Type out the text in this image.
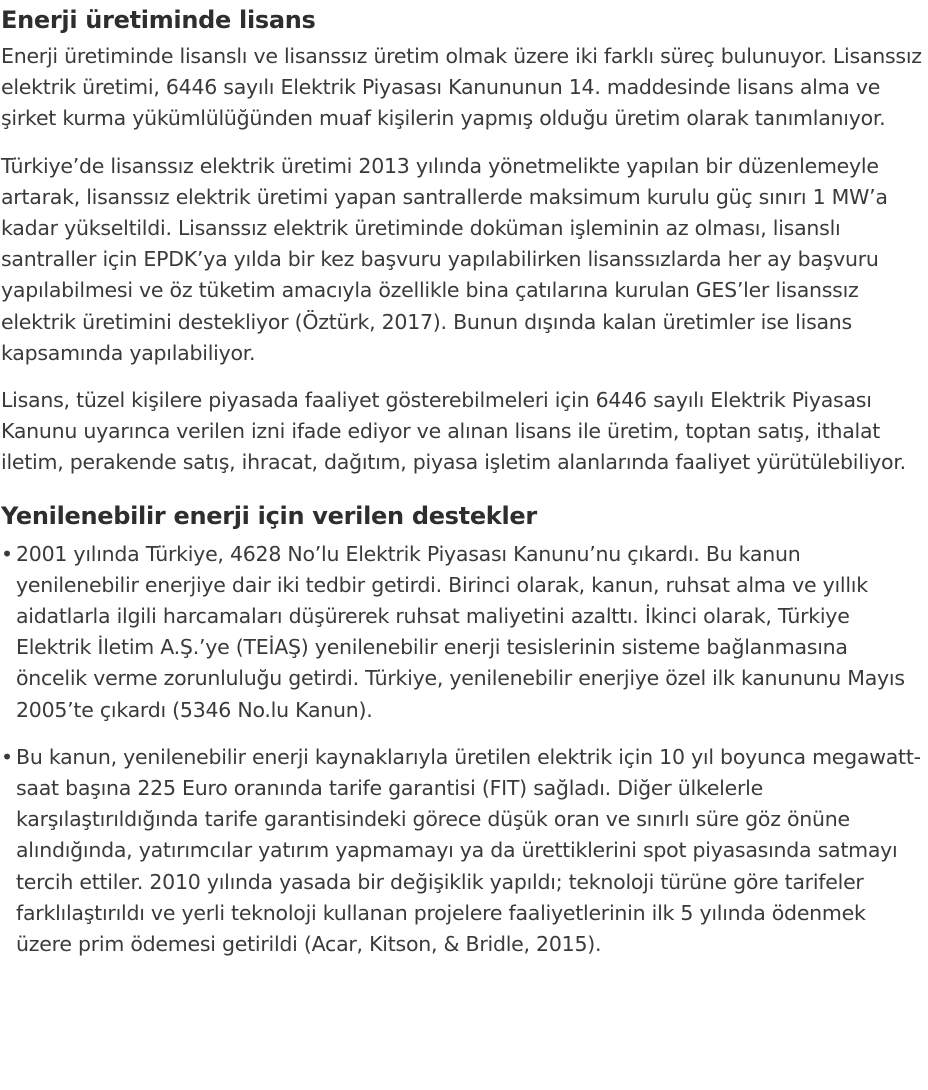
Enerji üretiminde lisans

Enerji üretiminde lisanslı ve lisanssız üretim olmak üzere iki farklı süreç bulunuyor. Lisanssız elektrik üretimi, 6446 sayılı Elektrik Piyasası Kanununun 14. maddesinde lisans alma ve şirket kurma yükümlülüğünden muaf kişilerin yapmış olduğu üretim olarak tanımlanıyor.

Türkiye’de lisanssız elektrik üretimi 2013 yılında yönetmelikte yapılan bir düzenlemeyle artarak, lisanssız elektrik üretimi yapan santrallerde maksimum kurulu güç sınırı 1 MW’a kadar yükseltildi. Lisanssız elektrik üretiminde doküman işleminin az olması, lisanslı santraller için EPDK’ya yılda bir kez başvuru yapılabilirken lisanssızlarda her ay başvuru yapılabilmesi ve öz tüketim amacıyla özellikle bina çatılarına kurulan GES’ler lisanssız elektrik üretimini destekliyor (Öztürk, 2017). Bunun dışında kalan üretimler ise lisans kapsamında yapılabiliyor.

Lisans, tüzel kişilere piyasada faaliyet gösterebilmeleri için 6446 sayılı Elektrik Piyasası Kanunu uyarınca verilen izni ifade ediyor ve alınan lisans ile üretim, toptan satış, ithalat iletim, perakende satış, ihracat, dağıtım, piyasa işletim alanlarında faaliyet yürütülebiliyor.

Yenilenebilir enerji için verilen destekler
• 2001 yılında Türkiye, 4628 No’lu Elektrik Piyasası Kanunu’nu çıkardı. Bu kanun yenilenebilir enerjiye dair iki tedbir getirdi. Birinci olarak, kanun, ruhsat alma ve yıllık aidatlarla ilgili harcamaları düşürerek ruhsat maliyetini azalttı. İkinci olarak, Türkiye Elektrik İletim A.Ş.’ye (TEİAŞ) yenilenebilir enerji tesislerinin sisteme bağlanmasına öncelik verme zorunluluğu getirdi. Türkiye, yenilenebilir enerjiye özel ilk kanununu Mayıs 2005’te çıkardı (5346 No.lu Kanun).
• Bu kanun, yenilenebilir enerji kaynaklarıyla üretilen elektrik için 10 yıl boyunca megawatt-saat başına 225 Euro oranında tarife garantisi (FIT) sağladı. Diğer ülkelerle karşılaştırıldığında tarife garantisindeki görece düşük oran ve sınırlı süre göz önüne alındığında, yatırımcılar yatırım yapmamayı ya da ürettiklerini spot piyasasında satmayı tercih ettiler. 2010 yılında yasada bir değişiklik yapıldı; teknoloji türüne göre tarifeler farklılaştırıldı ve yerli teknoloji kullanan projelere faaliyetlerinin ilk 5 yılında ödenmek üzere prim ödemesi getirildi (Acar, Kitson, & Bridle, 2015).
